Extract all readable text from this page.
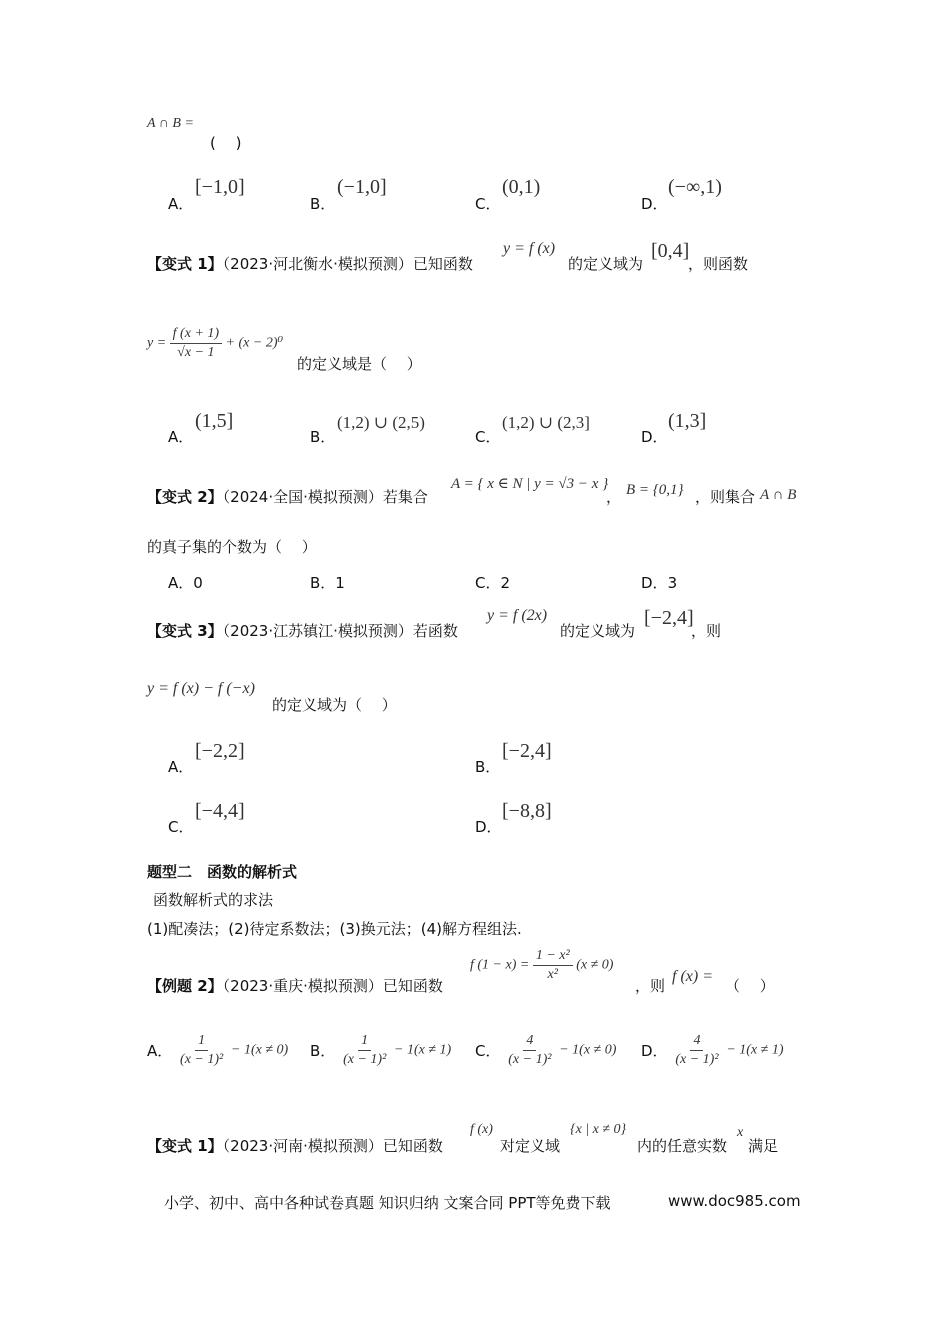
A ∩ B =
(　 )
A．
[−1,0]
B．
(−1,0]
C．
(0,1)
D．
(−∞,1)
【变式 1】（2023·河北衡水·模拟预测）已知函数
y = f (x)
的定义域为
[0,4]
，则函数
$y = \frac{f (x + 1)}{√x - 1} + (x - 2)^0$
的定义域是（　 ）
A．
(1,5]
B．
(1,2) ∪ (2,5)
C．
(1,2) ∪ (2,3]
D．
(1,3]
【变式 2】（2024·全国·模拟预测）若集合
A = { x ∈ N | y = √3 − x }
， B = {0,1} ，则集合 A ∩ B
的真子集的个数为（　 ）
A．0	B．1	C．2	D．3
【变式 3】（2023·江苏镇江·模拟预测）若函数
y = f (2x)
的定义域为
[−2,4]
，则
y = f (x) − f (−x)
的定义域为（　 ）
A．
[−2,2]
B．
[−2,4]
C．
[−4,4]
D．
[−8,8]
题型二　函数的解析式
函数解析式的求法
(1)配凑法；(2)待定系数法；(3)换元法；(4)解方程组法.
【例题 2】（2023·重庆·模拟预测）已知函数
f $(1 - x) = \frac{\text{1 − x²}}{\text{x²}} (x \ne 0)$
，则
f (x) =
（　 ）
A． $\frac{1}{\text{(x − 1)²}} - 1(x \ne 0)$ B． $\frac{1}{\text{(x − 1)²}} - 1(x \ne 1)$ C． $\frac{4}{\text{(x − 1)²}} - 1(x \ne 0)$ D． $\frac{4}{\text{(x − 1)²}} - 1(x \ne 1)$
【变式 1】（2023·河南·模拟预测）已知函数
f (x)
对定义域
{x | x ≠ 0}
内的任意实数
x
满足
小学、初中、高中各种试卷真题 知识归纳 文案合同 PPT等免费下载	www.doc985.com
